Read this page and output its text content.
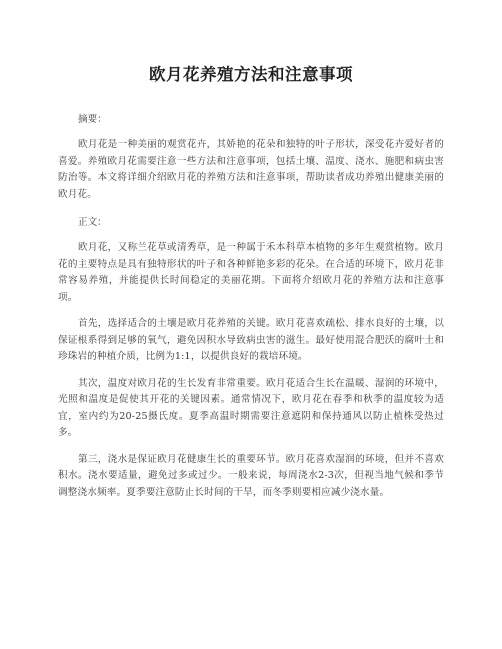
欧月花养殖方法和注意事项
摘要：

欧月花是一种美丽的观赏花卉，其娇艳的花朵和独特的叶子形状，深受花卉爱好者的喜爱。养殖欧月花需要注意一些方法和注意事项，包括土壤、温度、浇水、施肥和病虫害防治等。本文将详细介绍欧月花的养殖方法和注意事项，帮助读者成功养殖出健康美丽的欧月花。

正文：

欧月花，又称兰花草或清秀草，是一种属于禾本科草本植物的多年生观赏植物。欧月花的主要特点是具有独特形状的叶子和各种鲜艳多彩的花朵。在合适的环境下，欧月花非常容易养殖，并能提供长时间稳定的美丽花期。下面将介绍欧月花的养殖方法和注意事项。

首先，选择适合的土壤是欧月花养殖的关键。欧月花喜欢疏松、排水良好的土壤，以保证根系得到足够的氧气，避免因积水导致病虫害的滋生。最好使用混合肥沃的腐叶土和珍珠岩的种植介质，比例为1:1，以提供良好的栽培环境。

其次，温度对欧月花的生长发育非常重要。欧月花适合生长在温暖、湿润的环境中，光照和温度是促使其开花的关键因素。通常情况下，欧月花在春季和秋季的温度较为适宜，室内约为20-25摄氏度。夏季高温时期需要注意遮阴和保持通风以防止植株受热过多。

第三，浇水是保证欧月花健康生长的重要环节。欧月花喜欢湿润的环境，但并不喜欢积水。浇水要适量，避免过多或过少。一般来说，每周浇水2-3次，但视当地气候和季节调整浇水频率。夏季要注意防止长时间的干旱，而冬季则要相应减少浇水量。
